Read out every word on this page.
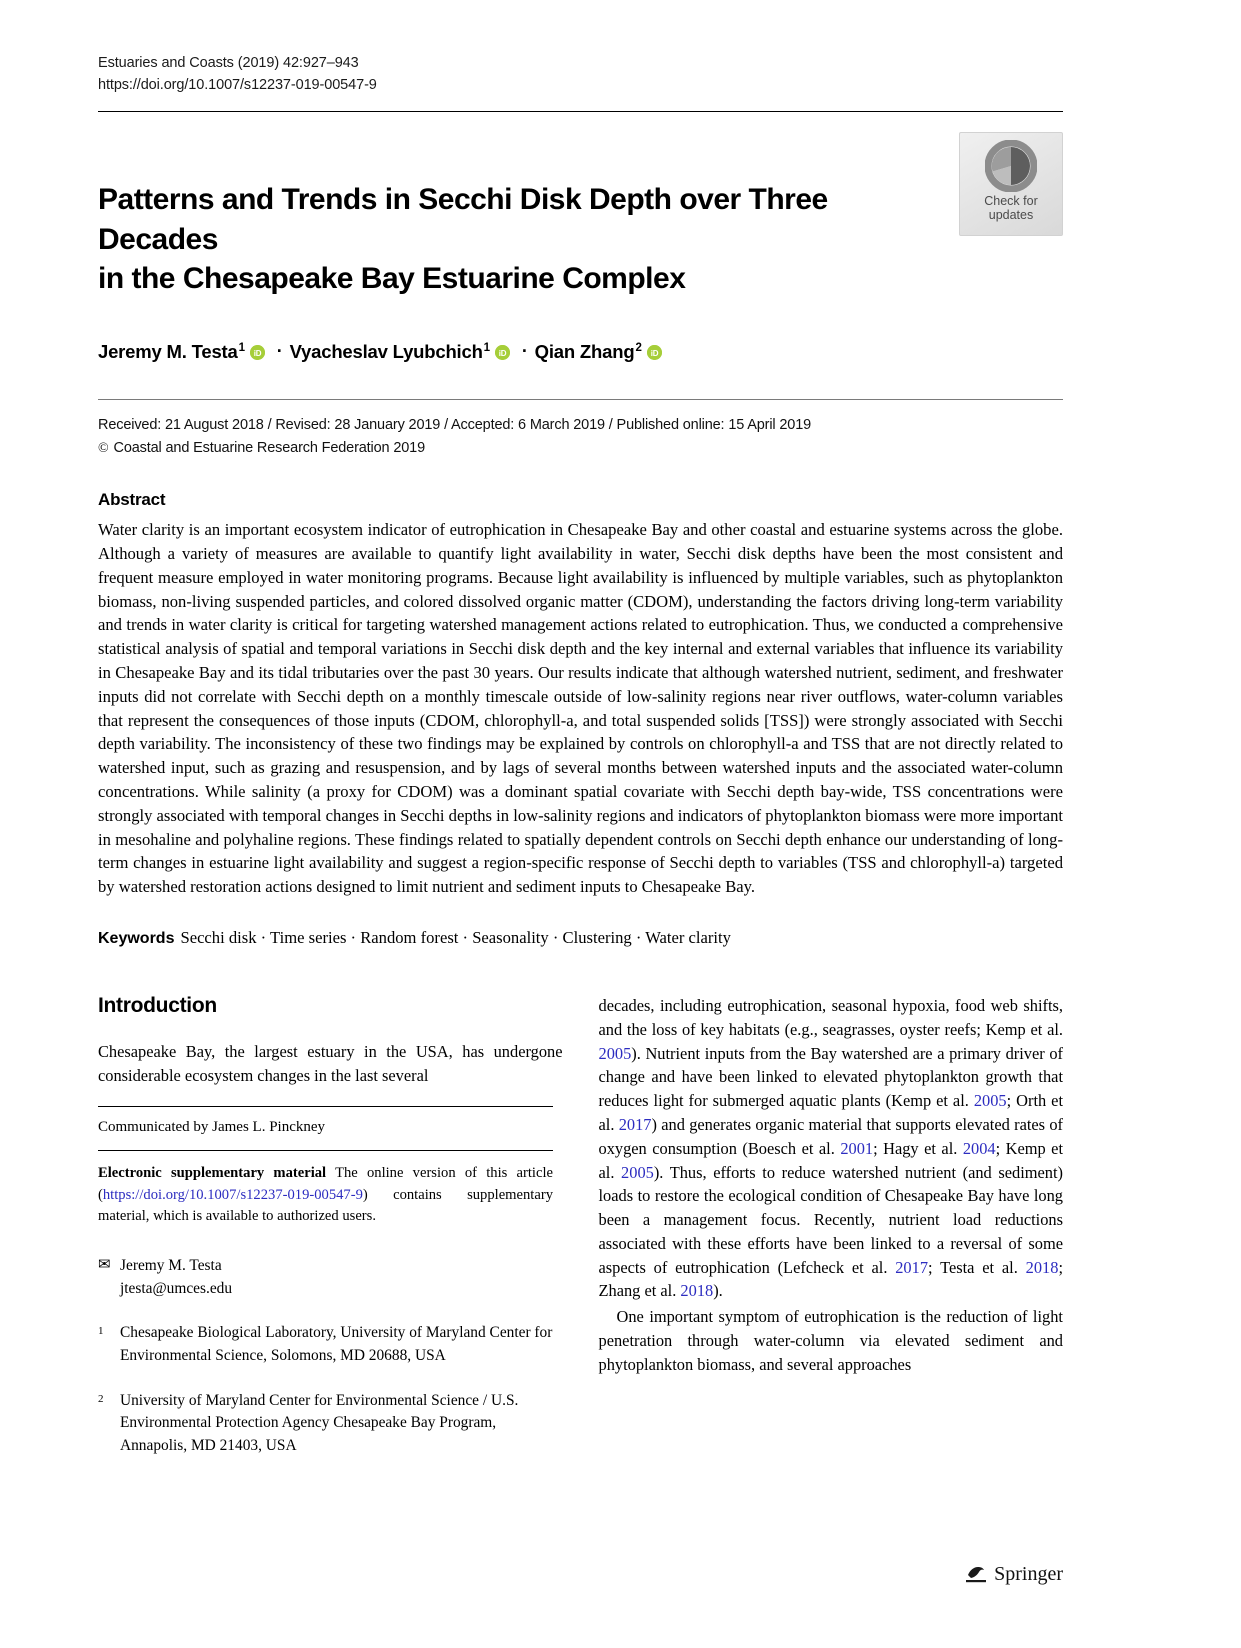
Estuaries and Coasts (2019) 42:927–943
https://doi.org/10.1007/s12237-019-00547-9
Check for
updates
Patterns and Trends in Secchi Disk Depth over Three Decades
in the Chesapeake Bay Estuarine Complex
Jeremy M. Testa$^1$ iD · Vyacheslav Lyubchich$^1$ iD · Qian Zhang$^2$ iD
Received: 21 August 2018 / Revised: 28 January 2019 / Accepted: 6 March 2019 / Published online: 15 April 2019
© Coastal and Estuarine Research Federation 2019
Abstract
Water clarity is an important ecosystem indicator of eutrophication in Chesapeake Bay and other coastal and estuarine systems across the globe. Although a variety of measures are available to quantify light availability in water, Secchi disk depths have been the most consistent and frequent measure employed in water monitoring programs. Because light availability is influenced by multiple variables, such as phytoplankton biomass, non-living suspended particles, and colored dissolved organic matter (CDOM), understanding the factors driving long-term variability and trends in water clarity is critical for targeting watershed management actions related to eutrophication. Thus, we conducted a comprehensive statistical analysis of spatial and temporal variations in Secchi disk depth and the key internal and external variables that influence its variability in Chesapeake Bay and its tidal tributaries over the past 30 years. Our results indicate that although watershed nutrient, sediment, and freshwater inputs did not correlate with Secchi depth on a monthly timescale outside of low-salinity regions near river outflows, water-column variables that represent the consequences of those inputs (CDOM, chlorophyll-a, and total suspended solids [TSS]) were strongly associated with Secchi depth variability. The inconsistency of these two findings may be explained by controls on chlorophyll-a and TSS that are not directly related to watershed input, such as grazing and resuspension, and by lags of several months between watershed inputs and the associated water-column concentrations. While salinity (a proxy for CDOM) was a dominant spatial covariate with Secchi depth bay-wide, TSS concentrations were strongly associated with temporal changes in Secchi depths in low-salinity regions and indicators of phytoplankton biomass were more important in mesohaline and polyhaline regions. These findings related to spatially dependent controls on Secchi depth enhance our understanding of long-term changes in estuarine light availability and suggest a region-specific response of Secchi depth to variables (TSS and chlorophyll-a) targeted by watershed restoration actions designed to limit nutrient and sediment inputs to Chesapeake Bay.
Keywords Secchi disk · Time series · Random forest · Seasonality · Clustering · Water clarity
Introduction

Chesapeake Bay, the largest estuary in the USA, has undergone considerable ecosystem changes in the last several

Communicated by James L. Pinckney
Electronic supplementary material The online version of this article (https://doi.org/10.1007/s12237-019-00547-9) contains supplementary material, which is available to authorized users.
✉ Jeremy M. Testa
jtesta@umces.edu
1	Chesapeake Biological Laboratory, University of Maryland Center for Environmental Science, Solomons, MD 20688, USA
2	University of Maryland Center for Environmental Science / U.S. Environmental Protection Agency Chesapeake Bay Program, Annapolis, MD 21403, USA

decades, including eutrophication, seasonal hypoxia, food web shifts, and the loss of key habitats (e.g., seagrasses, oyster reefs; Kemp et al. 2005). Nutrient inputs from the Bay watershed are a primary driver of change and have been linked to elevated phytoplankton growth that reduces light for submerged aquatic plants (Kemp et al. 2005; Orth et al. 2017) and generates organic material that supports elevated rates of oxygen consumption (Boesch et al. 2001; Hagy et al. 2004; Kemp et al. 2005). Thus, efforts to reduce watershed nutrient (and sediment) loads to restore the ecological condition of Chesapeake Bay have long been a management focus. Recently, nutrient load reductions associated with these efforts have been linked to a reversal of some aspects of eutrophication (Lefcheck et al. 2017; Testa et al. 2018; Zhang et al. 2018).

One important symptom of eutrophication is the reduction of light penetration through water-column via elevated sediment and phytoplankton biomass, and several approaches

Springer
